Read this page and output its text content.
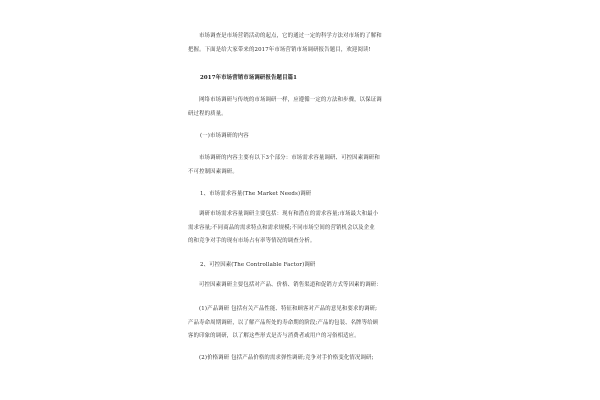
市场调查是市场营销活动的起点，它的通过一定的科学方法对市场的了解和
把握。下面是给大家带来的2017年市场营销市场调研报告题目，欢迎阅读!

2017年市场营销市场调研报告题目篇1

网络市场调研与传统的市场调研一样，应遵循一定的方法和步骤，以保证调
研过程的质量。

(一)市场调研的内容

市场调研的内容主要有以下3个部分：市场需求容量调研、可控因素调研和
不可控制因素调研。

1、市场需求容量(The Market Needs)调研

调研市场需求容量调研主要包括：现有和潜在的需求容量;市场最大和最小
需求容量;不同商品的需求特点和需求规模;不同市场空间的营销机会以及企业
的和竞争对手的现有市场占有率等情况的调查分析。

2、可控因素(The Controllable Factor)调研

可控因素调研主要包括对产品、价格、销售渠道和促销方式等因素的调研：

(1)产品调研 包括有关产品性能、特征和顾客对产品的意见和要求的调研;
产品寿命周期调研，以了解产品所处的寿命期的阶段;产品的包装、名牌等给顾
客的印象的调研，以了解这些形式是否与消费者或用户的习俗相适应。

(2)价格调研 包括产品价格的需求弹性调研;竞争对手价格变化情况调研;
